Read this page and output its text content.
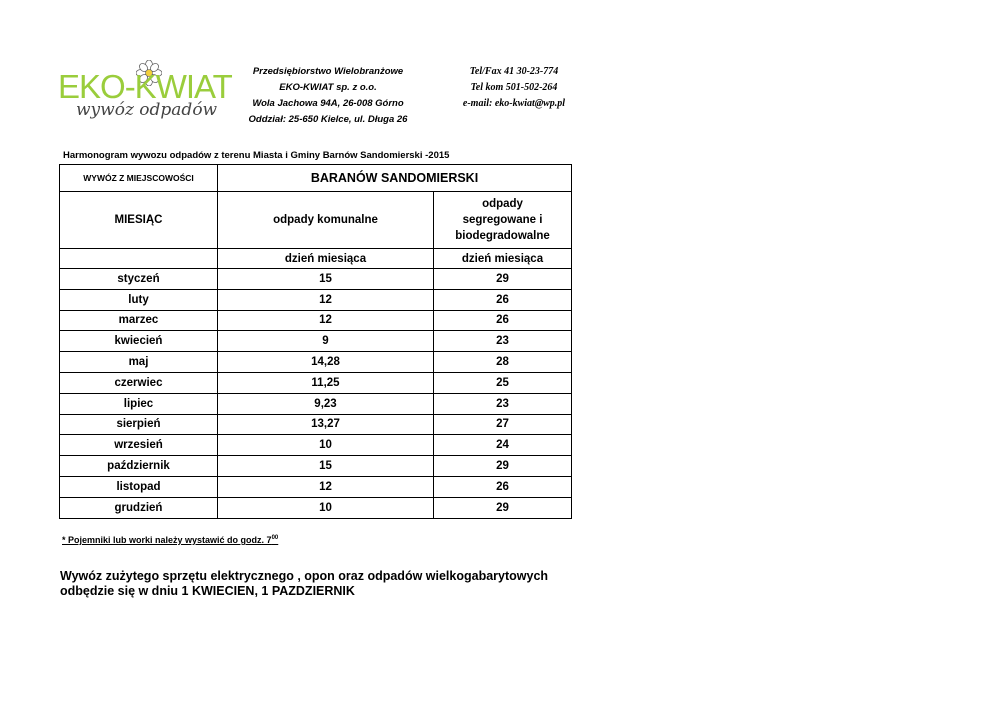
EKO-KWIAT
wywóz odpadów
Przedsiębiorstwo Wielobranżowe
EKO-KWIAT sp. z o.o.
Wola Jachowa 94A, 26-008 Górno
Oddział: 25-650 Kielce, ul. Długa 26
Tel/Fax 41 30-23-774
Tel kom 501-502-264
e-mail: eko-kwiat@wp.pl
Harmonogram wywozu odpadów z terenu Miasta i Gminy Barnów Sandomierski -2015
WYWÓZ Z MIEJSCOWOŚCI	BARANÓW SANDOMIERSKI	
MIESIĄC	odpady komunalne	odpady
segregowane i
biodegradowalne

	dzień miesiąca	dzień miesiąca
styczeń	15	29
luty	12	26
marzec	12	26
kwiecień	9	23
maj	14,28	28
czerwiec	11,25	25
lipiec	9,23	23
sierpień	13,27	27
wrzesień	10	24
październik	15	29
listopad	12	26
grudzień	10	29
* Pojemniki lub worki należy wystawić do godz. $7^{00}$
Wywóz zużytego sprzętu elektrycznego , opon oraz odpadów wielkogabarytowych
odbędzie się w dniu 1 KWIECIEN, 1 PAZDZIERNIK
